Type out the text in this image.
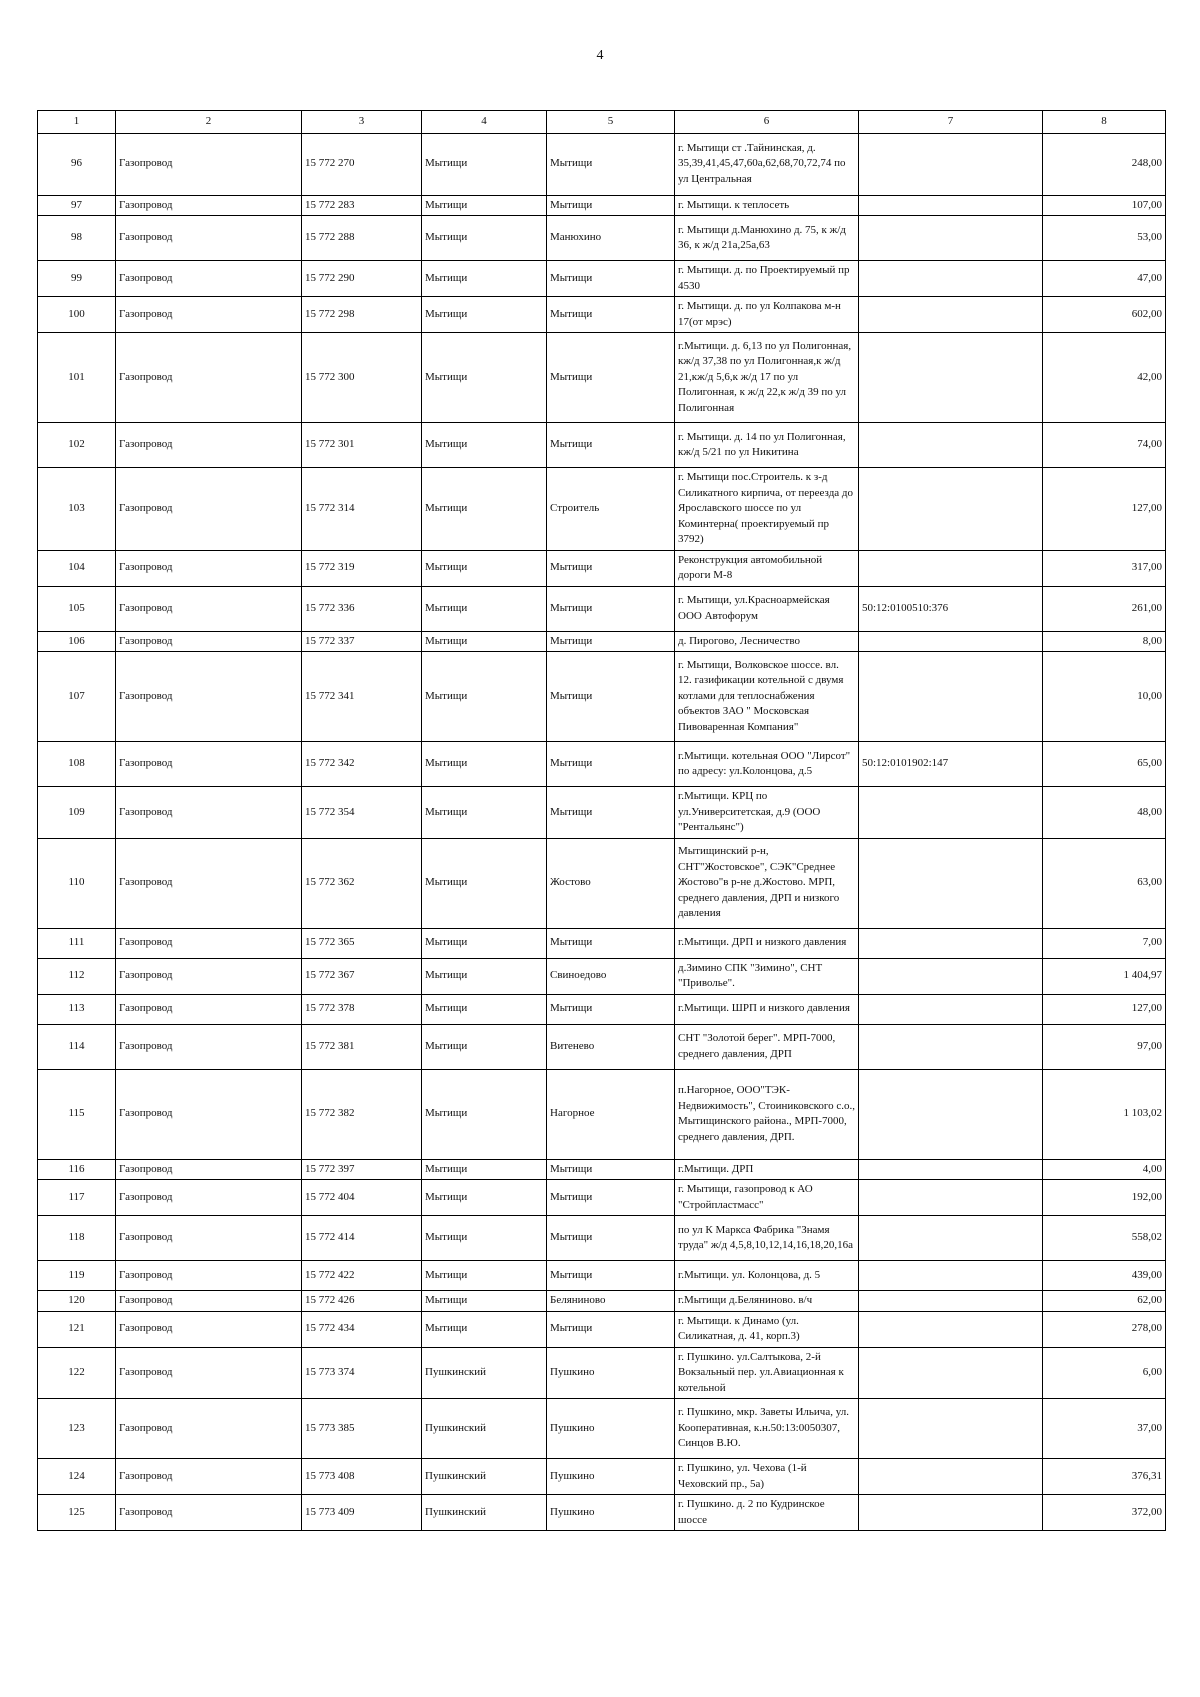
4
1	2	3	4	5	6	7	8
96	Газопровод	15 772 270	Мытищи	Мытищи	г. Мытищи ст .Тайнинская, д. 35,39,41,45,47,60а,62,68,70,72,74 по ул Центральная		248,00
97	Газопровод	15 772 283	Мытищи	Мытищи	г. Мытищи. к теплосеть		107,00
98	Газопровод	15 772 288	Мытищи	Манюхино	г. Мытищи д.Манюхино д. 75, к ж/д 36, к ж/д 21а,25а,63		53,00
99	Газопровод	15 772 290	Мытищи	Мытищи	г. Мытищи. д. по Проектируемый пр 4530		47,00
100	Газопровод	15 772 298	Мытищи	Мытищи	г. Мытищи. д. по ул Колпакова м-н 17(от мрэс)		602,00
101	Газопровод	15 772 300	Мытищи	Мытищи	г.Мытищи. д. 6,13 по ул Полигонная, кж/д 37,38 по ул Полигонная,к ж/д 21,кж/д 5,6,к ж/д 17 по ул Полигонная, к ж/д 22,к ж/д 39 по ул Полигонная		42,00
102	Газопровод	15 772 301	Мытищи	Мытищи	г. Мытищи. д. 14 по ул Полигонная, кж/д 5/21 по ул Никитина		74,00
103	Газопровод	15 772 314	Мытищи	Строитель	г. Мытищи пос.Строитель. к з-д Силикатного кирпича, от переезда до Ярославского шоссе по ул Коминтерна( проектируемый пр 3792)		127,00
104	Газопровод	15 772 319	Мытищи	Мытищи	Реконструкция автомобильной дороги М-8		317,00
105	Газопровод	15 772 336	Мытищи	Мытищи	г. Мытищи, ул.Красноармейская ООО Автофорум	50:12:0100510:376	261,00
106	Газопровод	15 772 337	Мытищи	Мытищи	д. Пирогово, Лесничество		8,00
107	Газопровод	15 772 341	Мытищи	Мытищи	г. Мытищи, Волковское шоссе. вл. 12. газификации котельной с двумя котлами для теплоснабжения объектов ЗАО " Московская Пивоваренная Компания"		10,00
108	Газопровод	15 772 342	Мытищи	Мытищи	г.Мытищи. котельная ООО "Лирсот" по адресу: ул.Колонцова, д.5	50:12:0101902:147	65,00
109	Газопровод	15 772 354	Мытищи	Мытищи	г.Мытищи. КРЦ по ул.Университетская, д.9 (ООО "Рентальянс")		48,00
110	Газопровод	15 772 362	Мытищи	Жостово	Мытищинский р-н, СНТ"Жостовское", СЭК"Среднее Жостово"в р-не д.Жостово. МРП, среднего давления, ДРП и низкого давления		63,00
111	Газопровод	15 772 365	Мытищи	Мытищи	г.Мытищи. ДРП и низкого давления		7,00
112	Газопровод	15 772 367	Мытищи	Свиноедово	д.Зимино СПК "Зимино", СНТ "Приволье".		1 404,97
113	Газопровод	15 772 378	Мытищи	Мытищи	г.Мытищи. ШРП и низкого давления		127,00
114	Газопровод	15 772 381	Мытищи	Витенево	СНТ "Золотой берег". МРП-7000, среднего давления, ДРП		97,00
115	Газопровод	15 772 382	Мытищи	Нагорное	п.Нагорное, ООО"ТЭК-Недвижимость", Стоиниковского с.о., Мытищинского района., МРП-7000, среднего давления, ДРП.		1 103,02
116	Газопровод	15 772 397	Мытищи	Мытищи	г.Мытищи. ДРП		4,00
117	Газопровод	15 772 404	Мытищи	Мытищи	г. Мытищи, газопровод к АО "Стройпластмасс"		192,00
118	Газопровод	15 772 414	Мытищи	Мытищи	по ул К Маркса Фабрика "Знамя труда" ж/д 4,5,8,10,12,14,16,18,20,16а		558,02
119	Газопровод	15 772 422	Мытищи	Мытищи	г.Мытищи. ул. Колонцова, д. 5		439,00
120	Газопровод	15 772 426	Мытищи	Беляниново	г.Мытищи д.Беляниново. в/ч		62,00
121	Газопровод	15 772 434	Мытищи	Мытищи	г. Мытищи. к Динамо (ул. Силикатная, д. 41, корп.3)		278,00
122	Газопровод	15 773 374	Пушкинский	Пушкино	г. Пушкино. ул.Салтыкова, 2-й Вокзальный пер. ул.Авиационная к котельной		6,00
123	Газопровод	15 773 385	Пушкинский	Пушкино	г. Пушкино, мкр. Заветы Ильича, ул. Кооперативная, к.н.50:13:0050307, Синцов В.Ю.		37,00
124	Газопровод	15 773 408	Пушкинский	Пушкино	г. Пушкино, ул. Чехова (1-й Чеховский пр., 5а)		376,31
125	Газопровод	15 773 409	Пушкинский	Пушкино	г. Пушкино. д. 2 по Кудринское шоссе		372,00
